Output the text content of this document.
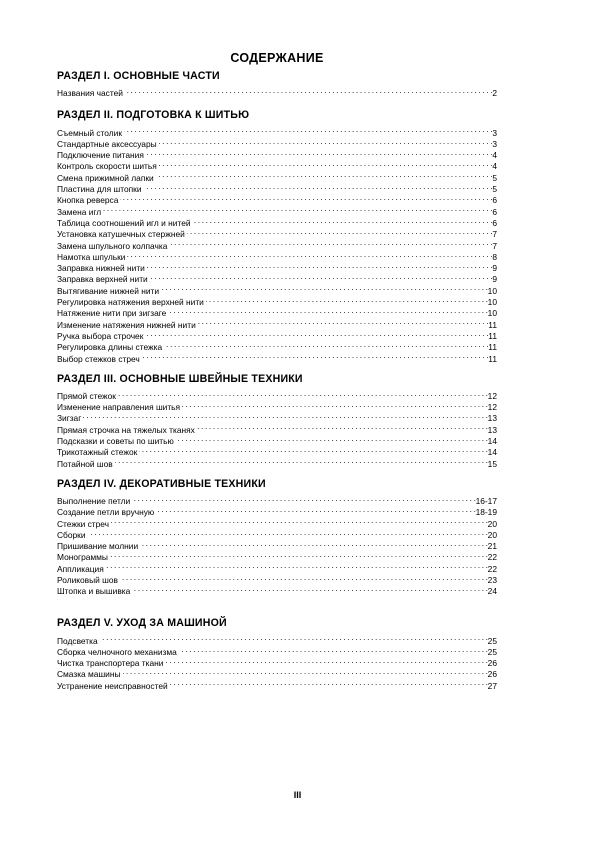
СОДЕРЖАНИЕ
РАЗДЕЛ I. ОСНОВНЫЕ ЧАСТИ
Названия частей . . .	2
РАЗДЕЛ II. ПОДГОТОВКА К ШИТЬЮ
Съемный столик . . .	3
Стандартные аксессуары . . .	3
Подключение питания . . .	4
Контроль скорости шитья . . .	4
Смена прижимной лапки . . .	5
Пластина для штопки . . .	5
Кнопка реверса . . .	6
Замена игл . . .	6
Таблица соотношений игл и нитей . . .	6
Установка катушечных стержней . . .	7
Замена шпульного колпачка . . .	7
Намотка шпульки . . .	8
Заправка нижней нити . . .	9
Заправка верхней нити . . .	9
Вытягивание нижней нити . . .	10
Регулировка натяжения верхней нити . . .	10
Натяжение нити при зигзаге . . .	10
Изменение натяжения нижней нити . . .	11
Ручка выбора строчек . . .	11
Регулировка длины стежка . . .	11
Выбор стежков стреч . . .	11
РАЗДЕЛ III. ОСНОВНЫЕ ШВЕЙНЫЕ ТЕХНИКИ
Прямой стежок . . .	12
Изменение направления шитья . . .	12
Зигзаг . . .	13
Прямая строчка на тяжелых тканях . . .	13
Подсказки и советы по шитью . . .	14
Трикотажный стежок . . .	14
Потайной шов . . .	15
РАЗДЕЛ IV. ДЕКОРАТИВНЫЕ ТЕХНИКИ
Выполнение петли . . .	16-17
Создание петли вручную . . .	18-19
Стежки стреч . . .	20
Сборки . . .	20
Пришивание молнии . . .	21
Монограммы . . .	22
Аппликация . . .	22
Роликовый шов . . .	23
Штопка и вышивка . . .	24
РАЗДЕЛ V. УХОД ЗА МАШИНОЙ
Подсветка . . .	25
Сборка челночного механизма . . .	25
Чистка транспортера ткани . . .	26
Смазка машины . . .	26
Устранение неисправностей . . .	27
III
